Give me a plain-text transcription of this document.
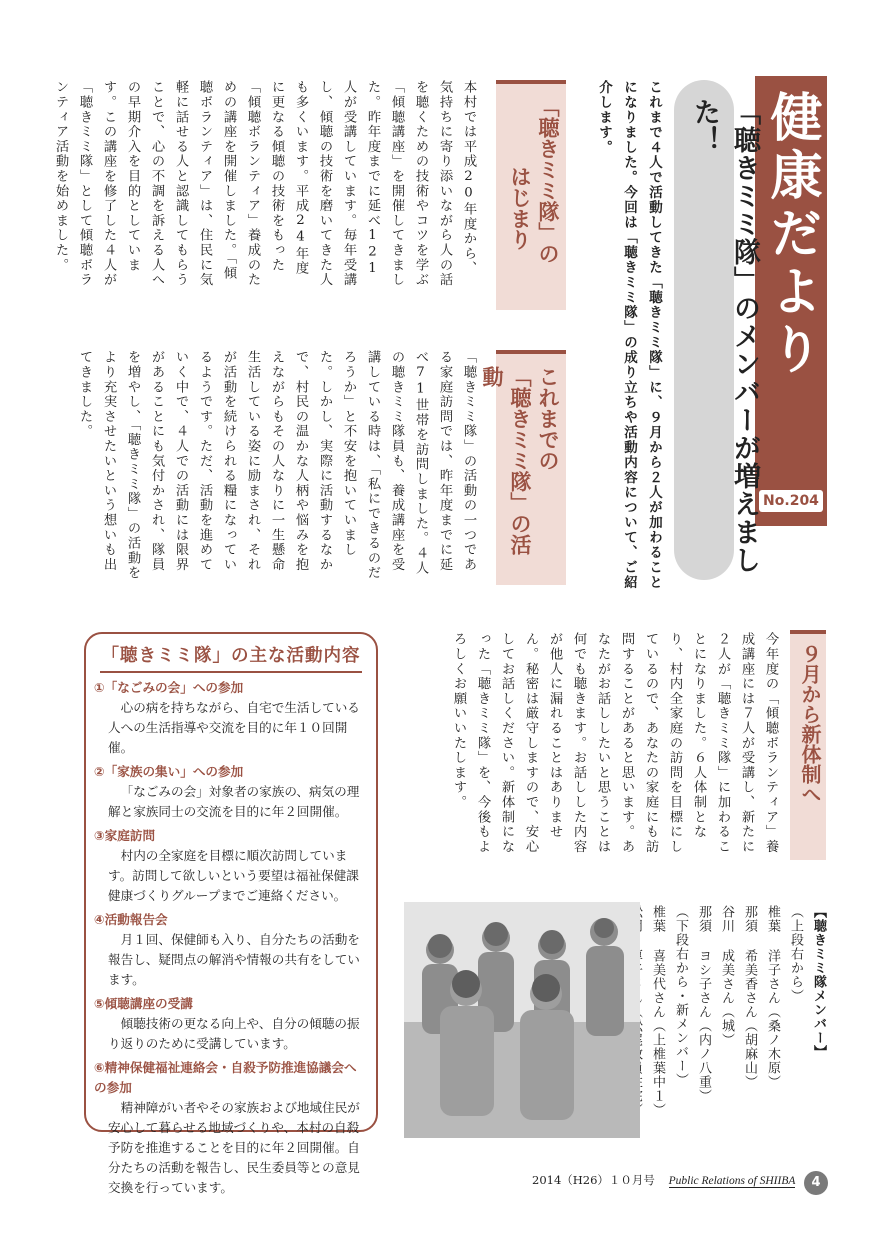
健康だより
No.204
「聴きミミ隊」のメンバーが増えました！
これまで４人で活動してきた「聴きミミ隊」に、９月から２人が加わることになりました。今回は「聴きミミ隊」の成り立ちや活動内容について、ご紹介します。
「聴きミミ隊」の
はじまり
本村では平成20年度から、気持ちに寄り添いながら人の話を聴くための技術やコツを学ぶ「傾聴講座」を開催してきました。昨年度までに延べ121人が受講しています。毎年受講し、傾聴の技術を磨いてきた人も多くいます。平成24年度に更なる傾聴の技術をもった「傾聴ボランティア」養成のための講座を開催しました。「傾聴ボランティア」は、住民に気軽に話せる人と認識してもらうことで、心の不調を訴える人への早期介入を目的としています。この講座を修了した４人が「聴きミミ隊」として傾聴ボランティア活動を始めました。
これまでの
「聴きミミ隊」の活動
「聴きミミ隊」の活動の一つである家庭訪問では、昨年度までに延べ71世帯を訪問しました。４人の聴きミミ隊員も、養成講座を受講している時は、「私にできるのだろうか」と不安を抱いていました。しかし、実際に活動するなかで、村民の温かな人柄や悩みを抱えながらもその人なりに一生懸命生活している姿に励まされ、それが活動を続けられる糧になっているようです。ただ、活動を進めていく中で、４人での活動には限界があることにも気付かされ、隊員を増やし、「聴きミミ隊」の活動をより充実させたいという想いも出てきました。
９月から新体制へ
今年度の「傾聴ボランティア」養成講座には７人が受講し、新たに２人が「聴きミミ隊」に加わることになりました。６人体制となり、村内全家庭の訪問を目標にしているので、あなたの家庭にも訪問することがあると思います。あなたがお話ししたいと思うことは何でも聴きます。お話しした内容が他人に漏れることはありません。秘密は厳守しますので、安心してお話しください。新体制になった「聴きミミ隊」を、今後もよろしくお願いいたします。
【聴きミミ隊メンバー】
（上段右から）
椎葉 洋子さん（桑ノ木原）
那須 希美香さん（胡麻山）
谷川 成美さん（城）
那須 ヨシ子さん（内ノ八重）
（下段右から・新メンバー）
椎葉 喜美代さん（上椎葉中１）
「聴きミミ隊」の主な活動内容
①「なごみの会」への参加
心の病を持ちながら、自宅で生活している人への生活指導や交流を目的に年１０回開催。
②「家族の集い」への参加
「なごみの会」対象者の家族の、病気の理解と家族同士の交流を目的に年２回開催。
③家庭訪問
村内の全家庭を目標に順次訪問しています。訪問して欲しいという要望は福祉保健課健康づくりグループまでご連絡ください。
④活動報告会
月１回、保健師も入り、自分たちの活動を報告し、疑問点の解消や情報の共有をしています。
⑤傾聴講座の受講
傾聴技術の更なる向上や、自分の傾聴の振り返りのために受講しています。
⑥精神保健福祉連絡会・自殺予防推進協議会への参加
精神障がい者やその家族および地域住民が安心して暮らせる地域づくりや、本村の自殺予防を推進することを目的に年２回開催。自分たちの活動を報告し、民生委員等との意見交換を行っています。	2014（H26）１０月号 Public Relations of SHIIBA	4
